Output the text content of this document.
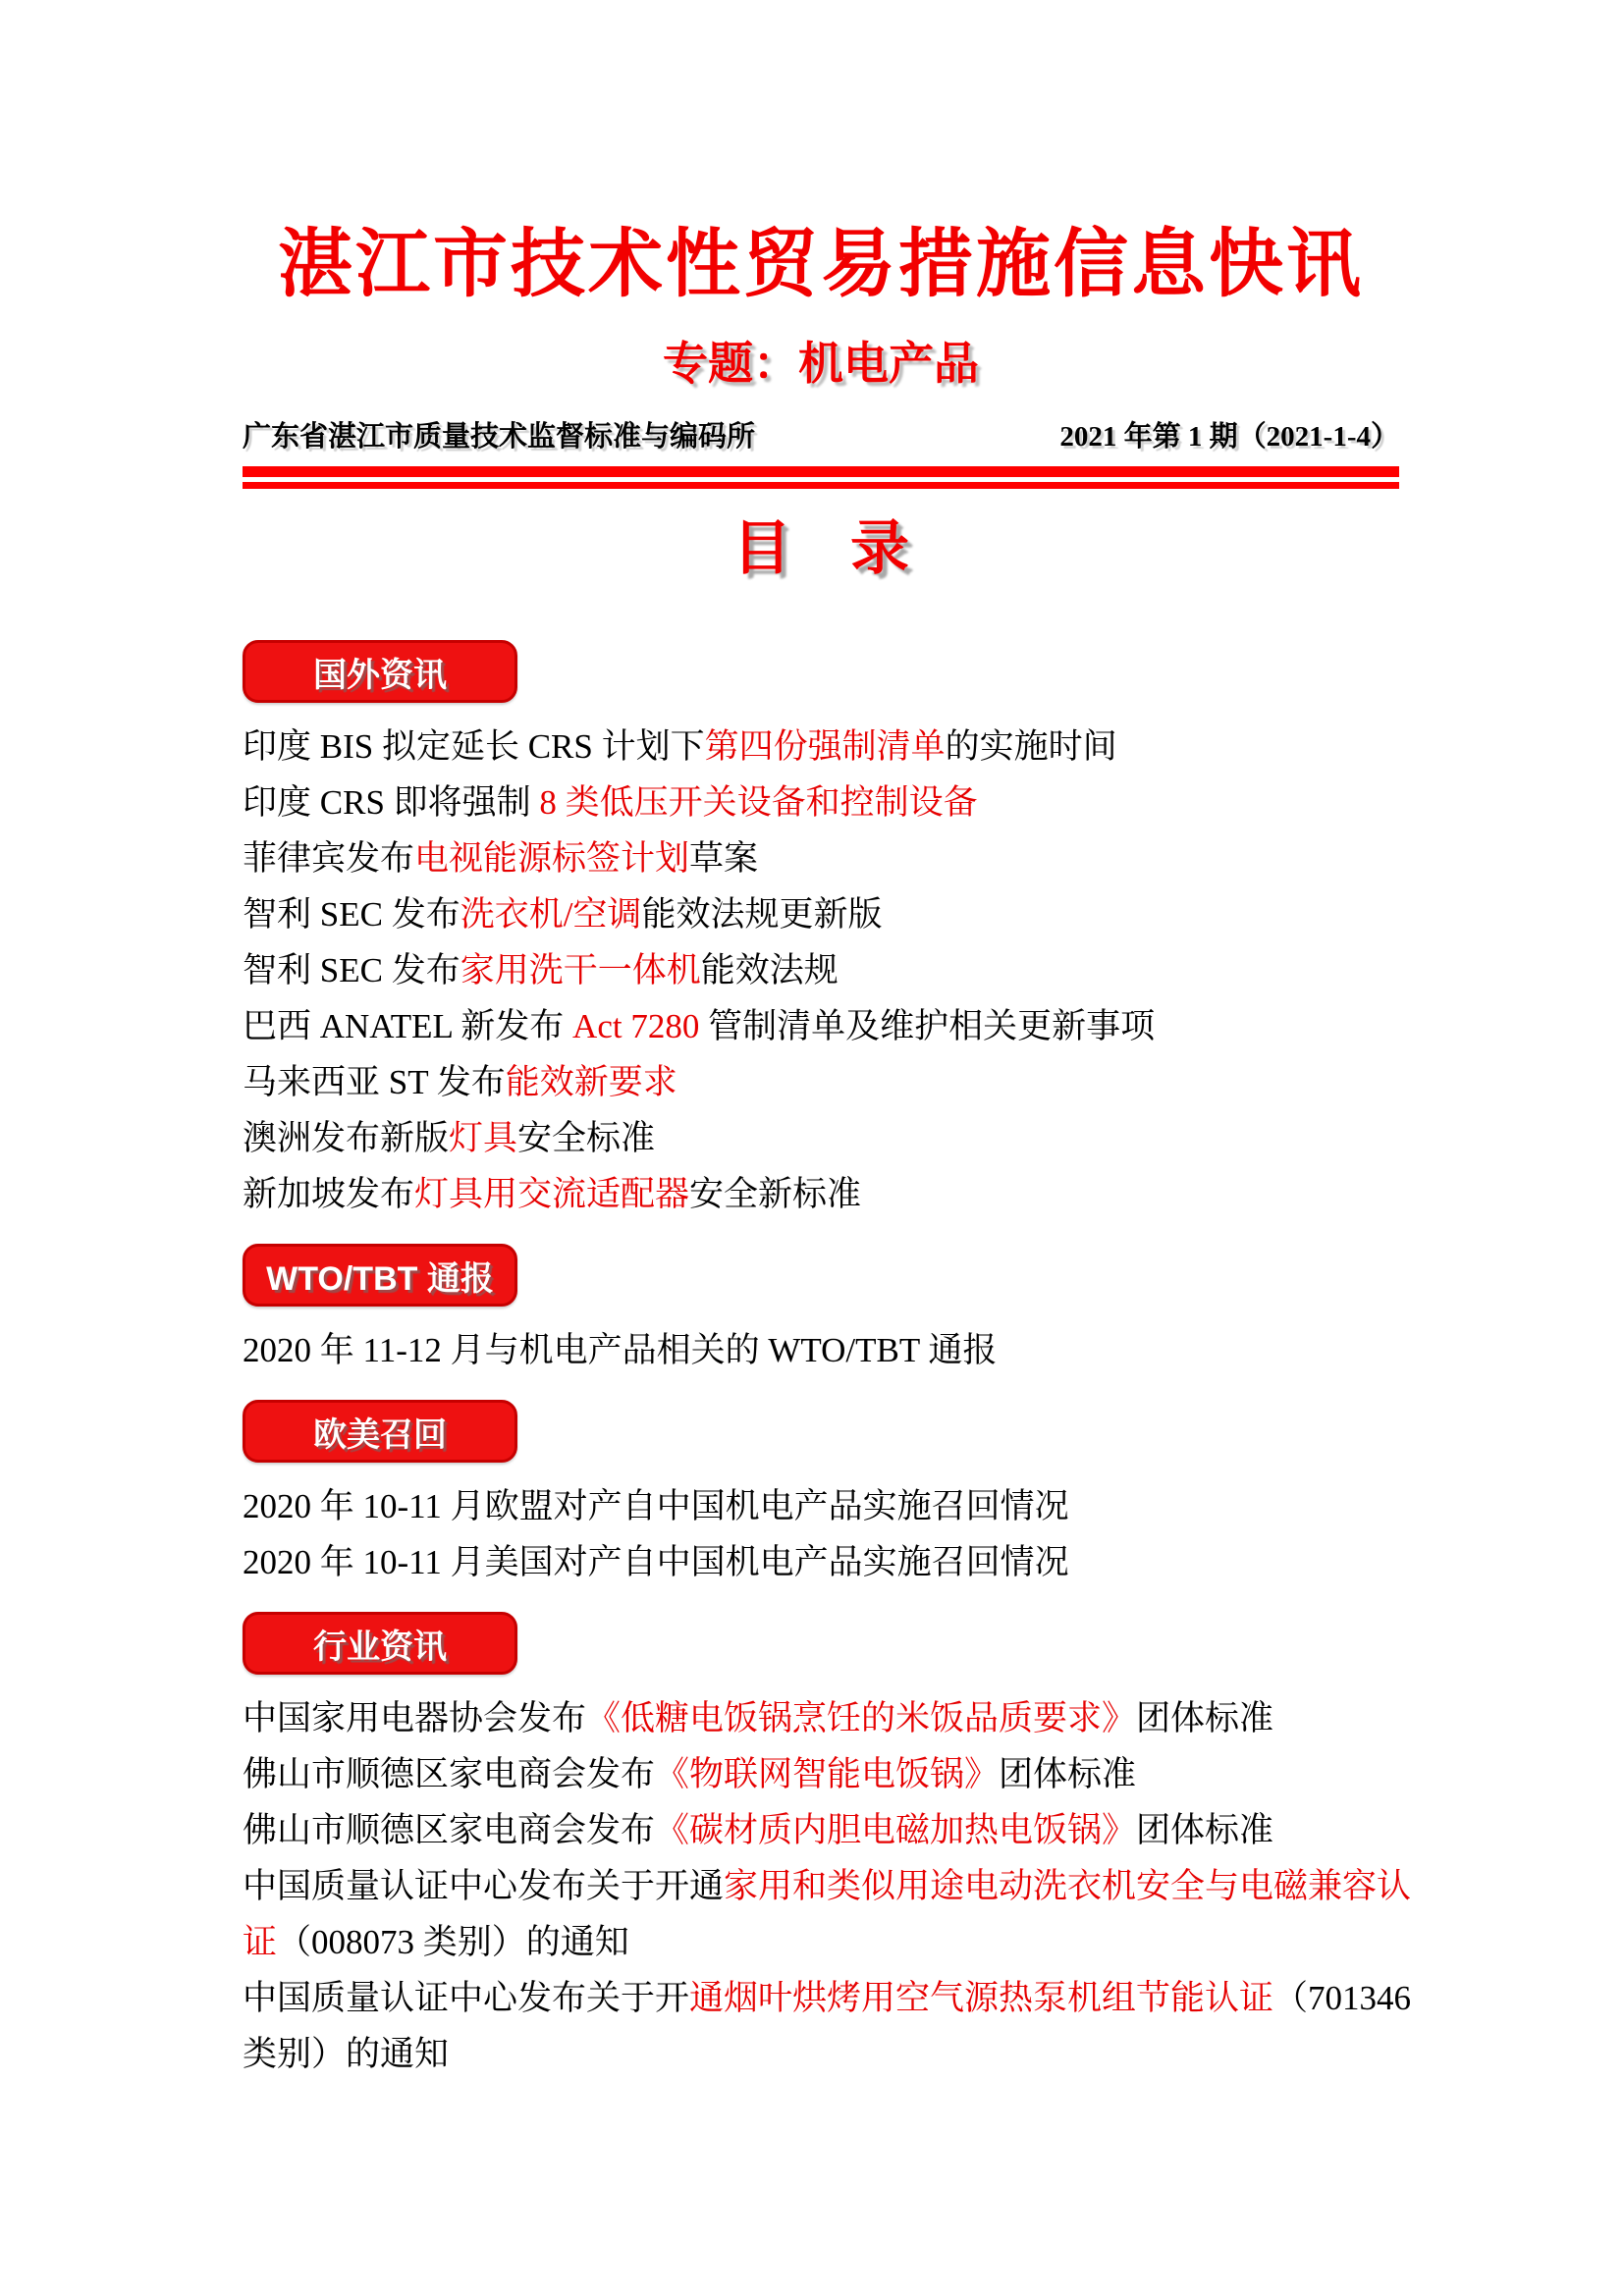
湛江市技术性贸易措施信息快讯
专题：机电产品
广东省湛江市质量技术监督标准与编码所	2021 年第 1 期（2021-1-4）
目　录
国外资讯
印度 BIS 拟定延长 CRS 计划下第四份强制清单的实施时间
印度 CRS 即将强制 8 类低压开关设备和控制设备
菲律宾发布电视能源标签计划草案
智利 SEC 发布洗衣机/空调能效法规更新版
智利 SEC 发布家用洗干一体机能效法规
巴西 ANATEL 新发布 Act 7280 管制清单及维护相关更新事项
马来西亚 ST 发布能效新要求
澳洲发布新版灯具安全标准
新加坡发布灯具用交流适配器安全新标准
WTO/TBT 通报
2020 年 11-12 月与机电产品相关的 WTO/TBT 通报
欧美召回
2020 年 10-11 月欧盟对产自中国机电产品实施召回情况
2020 年 10-11 月美国对产自中国机电产品实施召回情况
行业资讯
中国家用电器协会发布《低糖电饭锅烹饪的米饭品质要求》团体标准
佛山市顺德区家电商会发布《物联网智能电饭锅》团体标准
佛山市顺德区家电商会发布《碳材质内胆电磁加热电饭锅》团体标准
中国质量认证中心发布关于开通家用和类似用途电动洗衣机安全与电磁兼容认
证（008073 类别）的通知
中国质量认证中心发布关于开通烟叶烘烤用空气源热泵机组节能认证（701346
类别）的通知
